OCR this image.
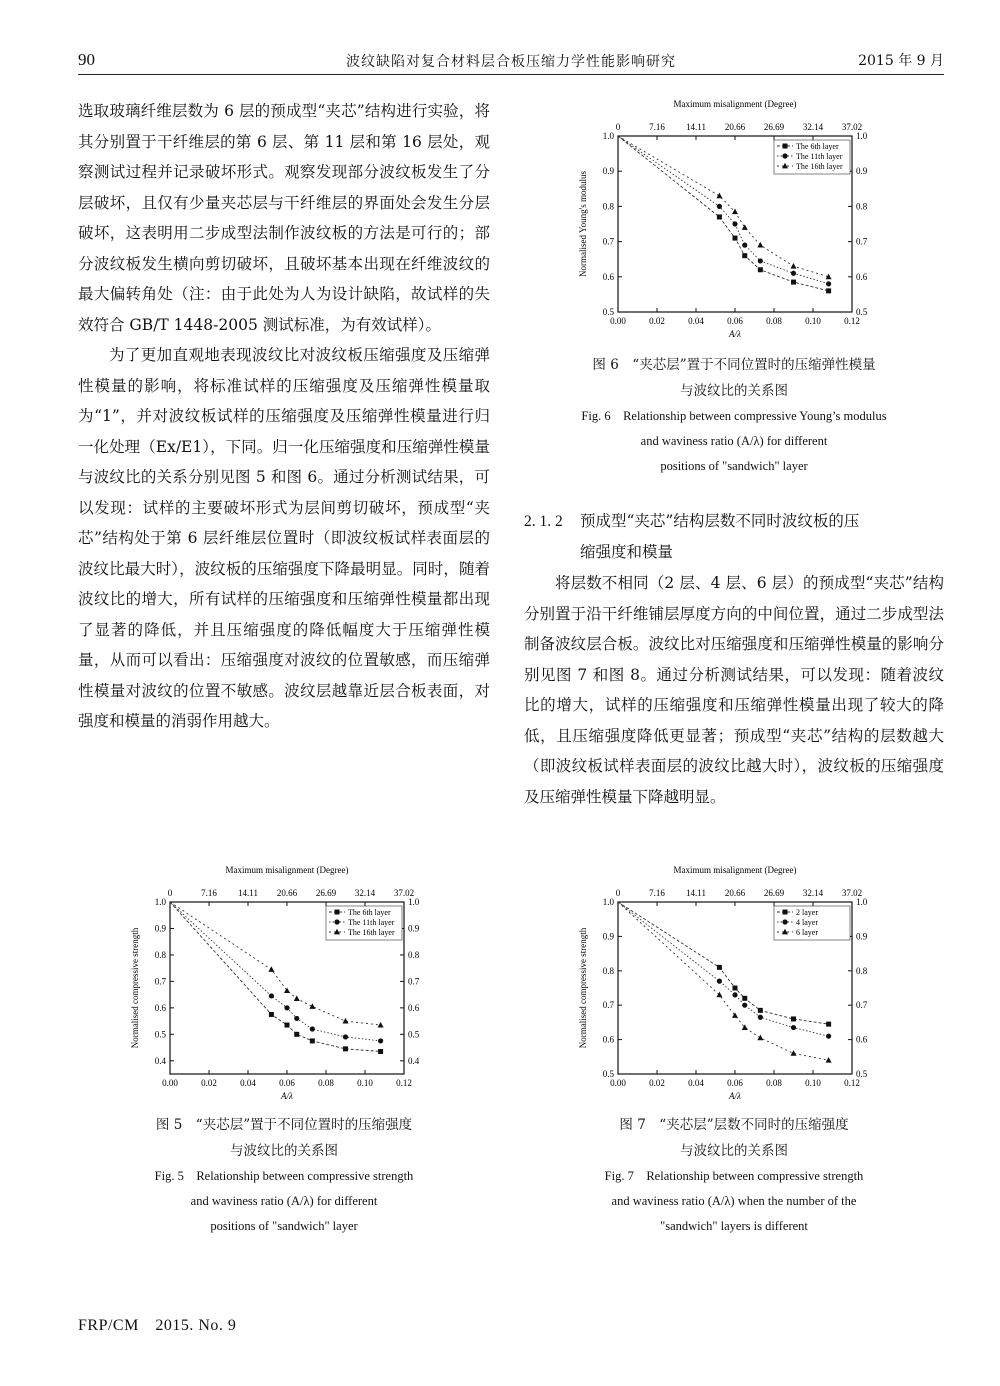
90	波纹缺陷对复合材料层合板压缩力学性能影响研究	2015 年 9 月

选取玻璃纤维层数为 6 层的预成型“夹芯”结构进行实验，将其分别置于干纤维层的第 6 层、第 11 层和第 16 层处，观察测试过程并记录破坏形式。观察发现部分波纹板发生了分层破坏，且仅有少量夹芯层与干纤维层的界面处会发生分层破坏，这表明用二步成型法制作波纹板的方法是可行的；部分波纹板发生横向剪切破坏，且破坏基本出现在纤维波纹的最大偏转角处（注：由于此处为人为设计缺陷，故试样的失效符合 GB/T 1448-2005 测试标准，为有效试样）。

为了更加直观地表现波纹比对波纹板压缩强度及压缩弹性模量的影响，将标准试样的压缩强度及压缩弹性模量取为“1”，并对波纹板试样的压缩强度及压缩弹性模量进行归一化处理（Ex/E1），下同。归一化压缩强度和压缩弹性模量与波纹比的关系分别见图 5 和图 6。通过分析测试结果，可以发现：试样的主要破坏形式为层间剪切破坏，预成型“夹芯”结构处于第 6 层纤维层位置时（即波纹板试样表面层的波纹比最大时），波纹板的压缩强度下降最明显。同时，随着波纹比的增大，所有试样的压缩强度和压缩弹性模量都出现了显著的降低，并且压缩强度的降低幅度大于压缩弹性模量，从而可以看出：压缩强度对波纹的位置敏感，而压缩弹性模量对波纹的位置不敏感。波纹层越靠近层合板表面，对强度和模量的消弱作用越大。

Maximum misalignment (Degree)
0	7.16 14.11 20.66 26.69 32.14 37.02
0.00	0.02	0.04	0.06	0.08	0.10	0.12
A/λ
0.5	0.5
0.6	0.6
0.7	0.7
0.8	0.8
0.9	0.9
1.0	1.0
Normalised Young's modulus
The 6th layer
The 11th layer
The 16th layer
图 6　“夹芯层”置于不同位置时的压缩弹性模量
与波纹比的关系图
Fig. 6　Relationship between compressive Young’s modulus
and waviness ratio (A/λ) for different
positions of "sandwich" layer
2. 1. 2 预成型“夹芯”结构层数不同时波纹板的压
缩强度和模量

将层数不相同（2 层、4 层、6 层）的预成型“夹芯”结构分别置于沿干纤维铺层厚度方向的中间位置，通过二步成型法制备波纹层合板。波纹比对压缩强度和压缩弹性模量的影响分别见图 7 和图 8。通过分析测试结果，可以发现：随着波纹比的增大，试样的压缩强度和压缩弹性模量出现了较大的降低，且压缩强度降低更显著；预成型“夹芯”结构的层数越大（即波纹板试样表面层的波纹比越大时），波纹板的压缩强度及压缩弹性模量下降越明显。

Maximum misalignment (Degree)
0	7.16 14.11 20.66 26.69 32.14 37.02
0.00	0.02	0.04	0.06	0.08	0.10	0.12
A/λ
0.4	0.4
0.5	0.5
0.6	0.6
0.7	0.7
0.8	0.8
0.9	0.9
1.0	1.0
Normalised compressive strength
The 6th layer
The 11th layer
The 16th layer
图 5　“夹芯层”置于不同位置时的压缩强度
与波纹比的关系图
Fig. 5　Relationship between compressive strength
and waviness ratio (A/λ) for different
positions of "sandwich" layer
Maximum misalignment (Degree)
0	7.16 14.11 20.66 26.69 32.14 37.02
0.00	0.02	0.04	0.06	0.08	0.10	0.12
A/λ
0.5	0.5
0.6	0.6
0.7	0.7
0.8	0.8
0.9	0.9
1.0	1.0
Normalised compressive strength
2 layer
4 layer
6 layer
图 7　“夹芯层”层数不同时的压缩强度
与波纹比的关系图
Fig. 7　Relationship between compressive strength
and waviness ratio (A/λ) when the number of the
"sandwich" layers is different
FRP/CM　2015. No. 9
